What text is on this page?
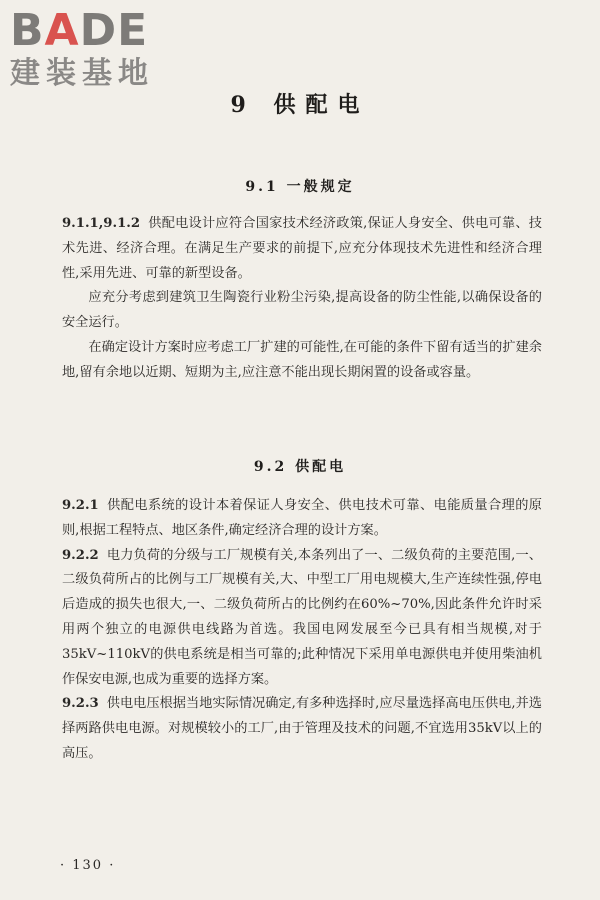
BADE
建装基地
9 供配电
9.1 一般规定

9.1.1,9.1.2 供配电设计应符合国家技术经济政策,保证人身安全、供电可靠、技术先进、经济合理。在满足生产要求的前提下,应充分体现技术先进性和经济合理性,采用先进、可靠的新型设备。

应充分考虑到建筑卫生陶瓷行业粉尘污染,提高设备的防尘性能,以确保设备的安全运行。

在确定设计方案时应考虑工厂扩建的可能性,在可能的条件下留有适当的扩建余地,留有余地以近期、短期为主,应注意不能出现长期闲置的设备或容量。

9.2 供配电

9.2.1 供配电系统的设计本着保证人身安全、供电技术可靠、电能质量合理的原则,根据工程特点、地区条件,确定经济合理的设计方案。

9.2.2 电力负荷的分级与工厂规模有关,本条列出了一、二级负荷的主要范围,一、二级负荷所占的比例与工厂规模有关,大、中型工厂用电规模大,生产连续性强,停电后造成的损失也很大,一、二级负荷所占的比例约在60%~70%,因此条件允许时采用两个独立的电源供电线路为首选。我国电网发展至今已具有相当规模,对于35kV~110kV的供电系统是相当可靠的;此种情况下采用单电源供电并使用柴油机作保安电源,也成为重要的选择方案。

9.2.3 供电电压根据当地实际情况确定,有多种选择时,应尽量选择高电压供电,并选择两路供电电源。对规模较小的工厂,由于管理及技术的问题,不宜选用35kV以上的高压。

· 130 ·
